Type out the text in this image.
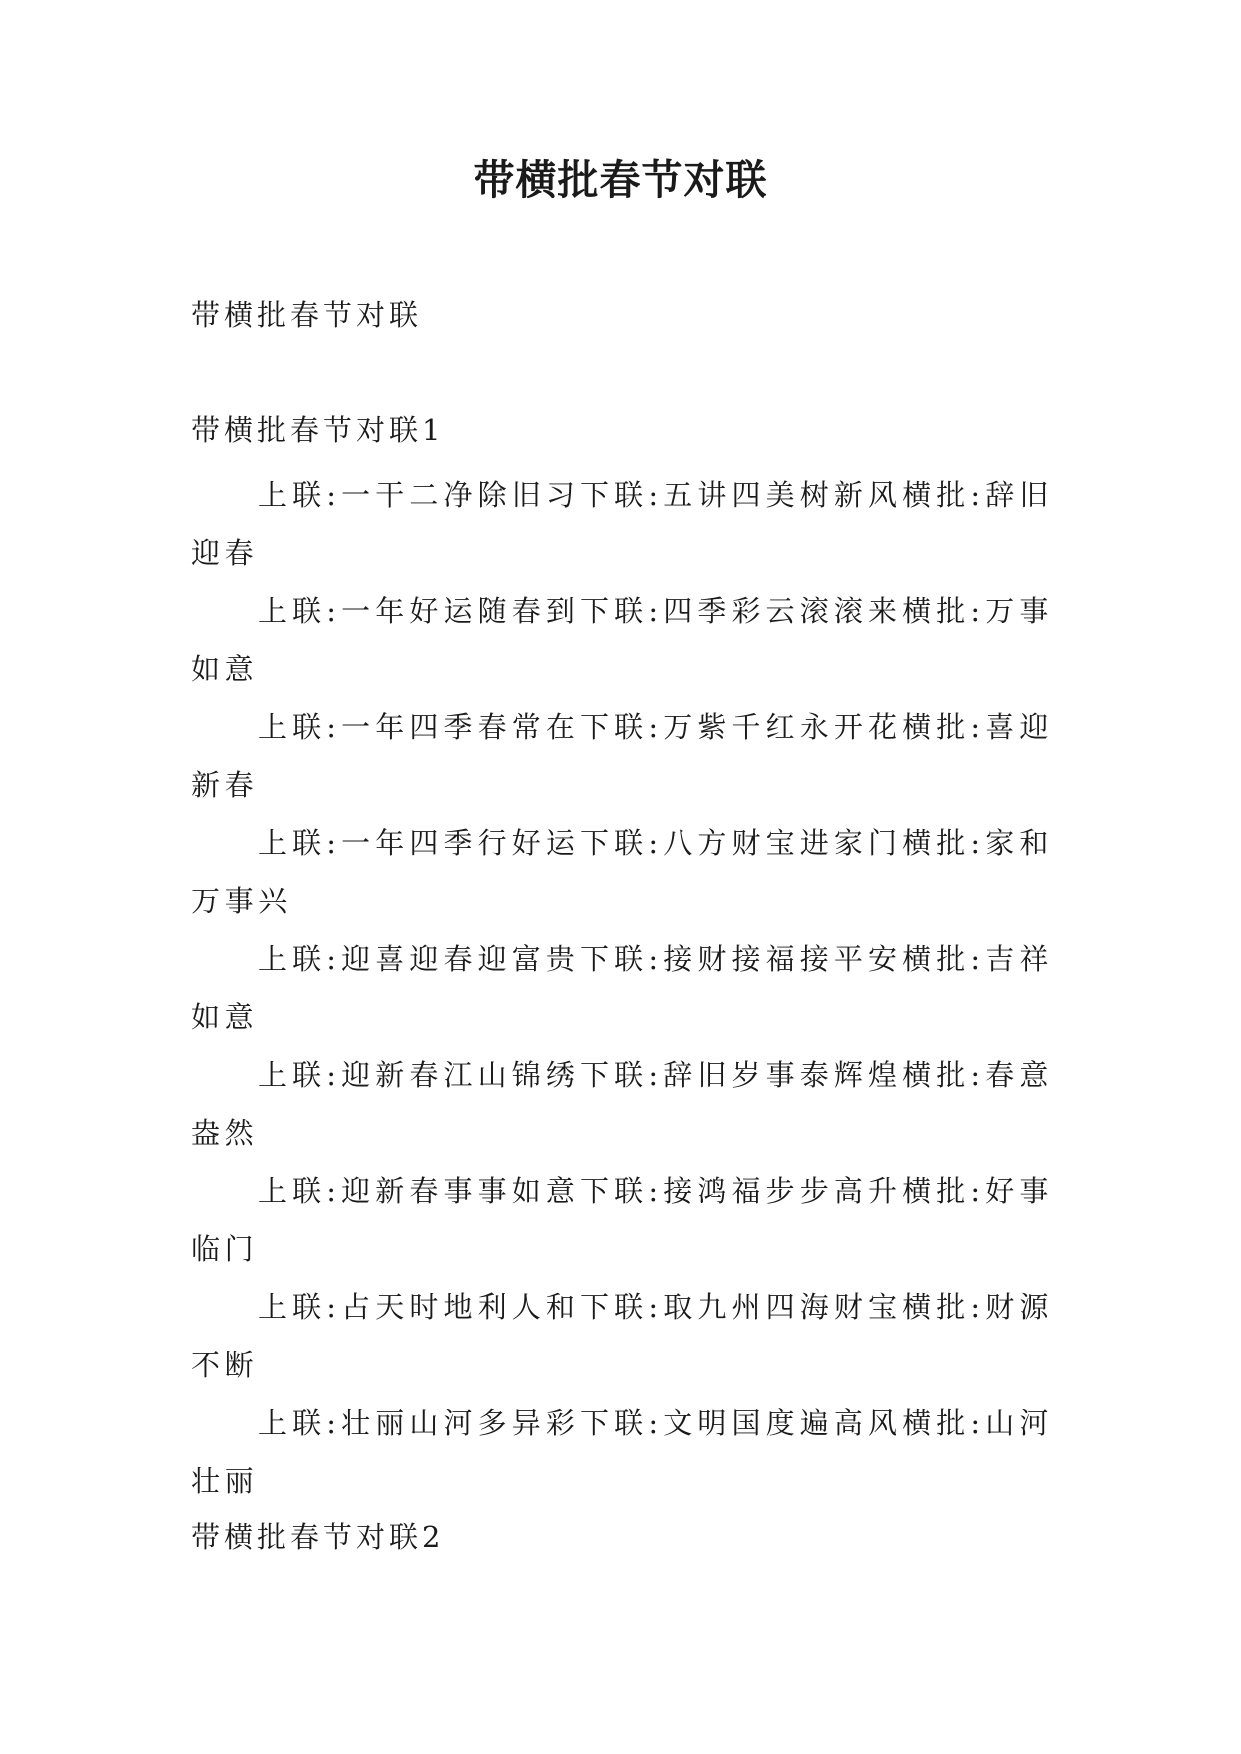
带横批春节对联

带横批春节对联

带横批春节对联1

上联:一干二净除旧习下联:五讲四美树新风横批:辞旧迎春
上联:一年好运随春到下联:四季彩云滚滚来横批:万事如意
上联:一年四季春常在下联:万紫千红永开花横批:喜迎新春
上联:一年四季行好运下联:八方财宝进家门横批:家和万事兴
上联:迎喜迎春迎富贵下联:接财接福接平安横批:吉祥如意
上联:迎新春江山锦绣下联:辞旧岁事泰辉煌横批:春意盎然
上联:迎新春事事如意下联:接鸿福步步高升横批:好事临门
上联:占天时地利人和下联:取九州四海财宝横批:财源不断
上联:壮丽山河多异彩下联:文明国度遍高风横批:山河壮丽

带横批春节对联2
